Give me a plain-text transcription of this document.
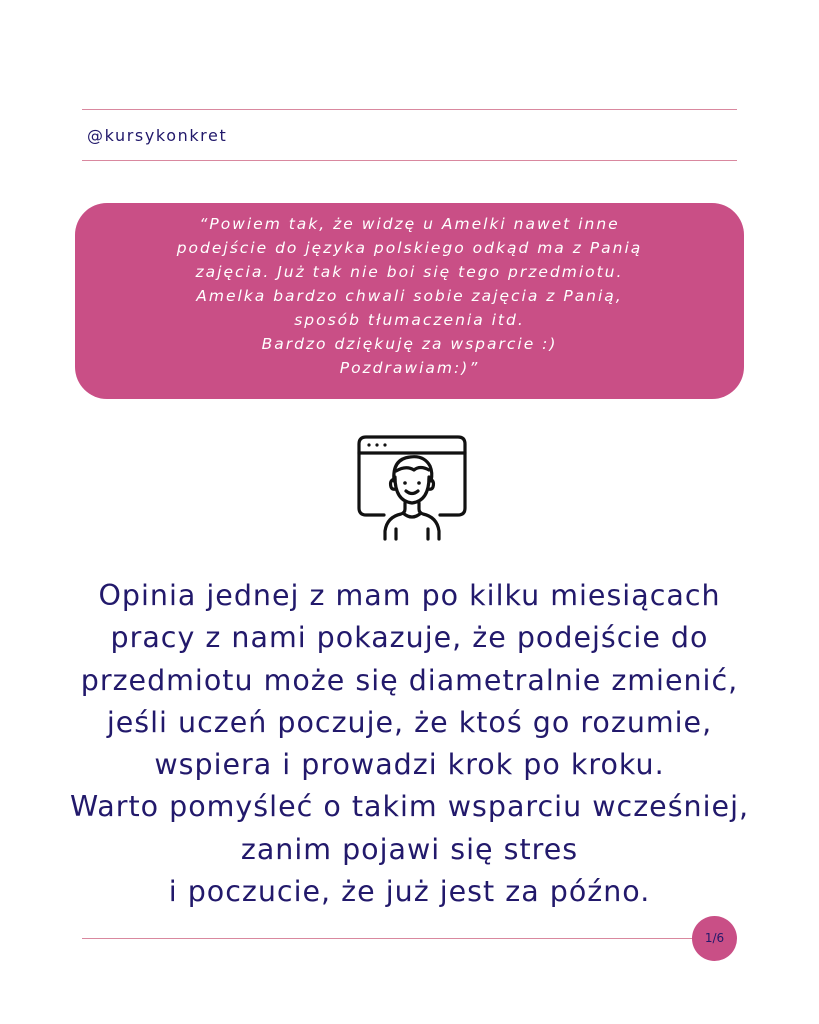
@kursykonkret
“Powiem tak, że widzę u Amelki nawet inne
podejście do języka polskiego odkąd ma z Panią
zajęcia. Już tak nie boi się tego przedmiotu.
Amelka bardzo chwali sobie zajęcia z Panią,
sposób tłumaczenia itd.
Bardzo dziękuję za wsparcie :)
Pozdrawiam:)”
Opinia jednej z mam po kilku miesiącach
pracy z nami pokazuje, że podejście do
przedmiotu może się diametralnie zmienić,
jeśli uczeń poczuje, że ktoś go rozumie,
wspiera i prowadzi krok po kroku.
Warto pomyśleć o takim wsparciu wcześniej,
zanim pojawi się stres
i poczucie, że już jest za późno.
1/6
